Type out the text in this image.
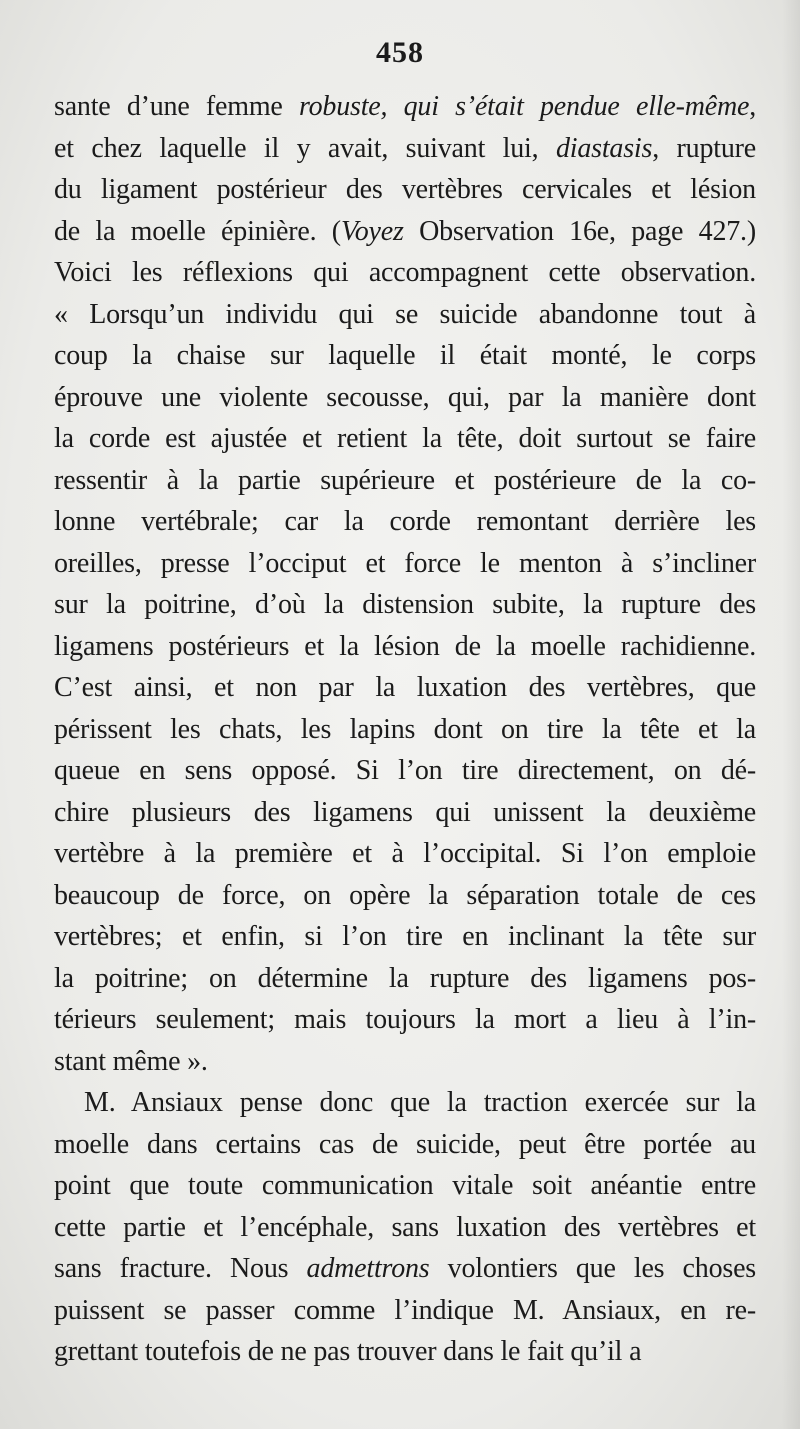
458
sante d’une femme robuste, qui s’était pendue elle-même,
et chez laquelle il y avait, suivant lui, diastasis, rupture
du ligament postérieur des vertèbres cervicales et lésion
de la moelle épinière. (Voyez Observation 16e, page 427.)
Voici les réflexions qui accompagnent cette observation.
« Lorsqu’un individu qui se suicide abandonne tout à
coup la chaise sur laquelle il était monté, le corps
éprouve une violente secousse, qui, par la manière dont
la corde est ajustée et retient la tête, doit surtout se faire
ressentir à la partie supérieure et postérieure de la co-
lonne vertébrale; car la corde remontant derrière les
oreilles, presse l’occiput et force le menton à s’incliner
sur la poitrine, d’où la distension subite, la rupture des
ligamens postérieurs et la lésion de la moelle rachidienne.
C’est ainsi, et non par la luxation des vertèbres, que
périssent les chats, les lapins dont on tire la tête et la
queue en sens opposé. Si l’on tire directement, on dé-
chire plusieurs des ligamens qui unissent la deuxième
vertèbre à la première et à l’occipital. Si l’on emploie
beaucoup de force, on opère la séparation totale de ces
vertèbres; et enfin, si l’on tire en inclinant la tête sur
la poitrine; on détermine la rupture des ligamens pos-
térieurs seulement; mais toujours la mort a lieu à l’in-
stant même ».
M. Ansiaux pense donc que la traction exercée sur la
moelle dans certains cas de suicide, peut être portée au
point que toute communication vitale soit anéantie entre
cette partie et l’encéphale, sans luxation des vertèbres et
sans fracture. Nous admettrons volontiers que les choses
puissent se passer comme l’indique M. Ansiaux, en re-
grettant toutefois de ne pas trouver dans le fait qu’il a
